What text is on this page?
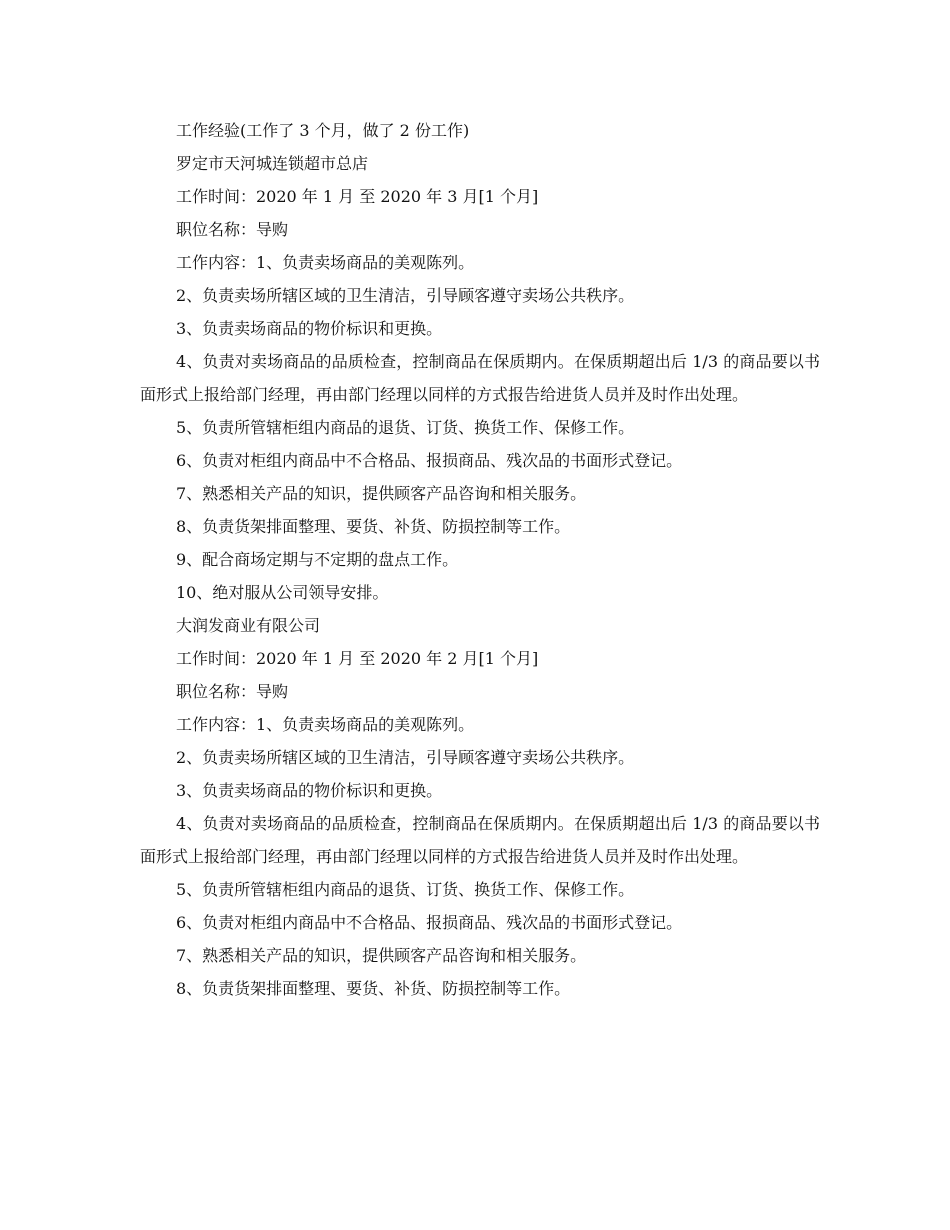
工作经验(工作了 3 个月，做了 2 份工作)
罗定市天河城连锁超市总店
工作时间：2020 年 1 月 至 2020 年 3 月[1 个月]
职位名称：导购
工作内容：1、负责卖场商品的美观陈列。
2、负责卖场所辖区域的卫生清洁，引导顾客遵守卖场公共秩序。
3、负责卖场商品的物价标识和更换。
4、负责对卖场商品的品质检查，控制商品在保质期内。在保质期超出后 1/3 的商品要以书面形式上报给部门经理，再由部门经理以同样的方式报告给进货人员并及时作出处理。
5、负责所管辖柜组内商品的退货、订货、换货工作、保修工作。
6、负责对柜组内商品中不合格品、报损商品、残次品的书面形式登记。
7、熟悉相关产品的知识，提供顾客产品咨询和相关服务。
8、负责货架排面整理、要货、补货、防损控制等工作。
9、配合商场定期与不定期的盘点工作。
10、绝对服从公司领导安排。
大润发商业有限公司
工作时间：2020 年 1 月 至 2020 年 2 月[1 个月]
职位名称：导购
工作内容：1、负责卖场商品的美观陈列。
2、负责卖场所辖区域的卫生清洁，引导顾客遵守卖场公共秩序。
3、负责卖场商品的物价标识和更换。
4、负责对卖场商品的品质检查，控制商品在保质期内。在保质期超出后 1/3 的商品要以书面形式上报给部门经理，再由部门经理以同样的方式报告给进货人员并及时作出处理。
5、负责所管辖柜组内商品的退货、订货、换货工作、保修工作。
6、负责对柜组内商品中不合格品、报损商品、残次品的书面形式登记。
7、熟悉相关产品的知识，提供顾客产品咨询和相关服务。
8、负责货架排面整理、要货、补货、防损控制等工作。
